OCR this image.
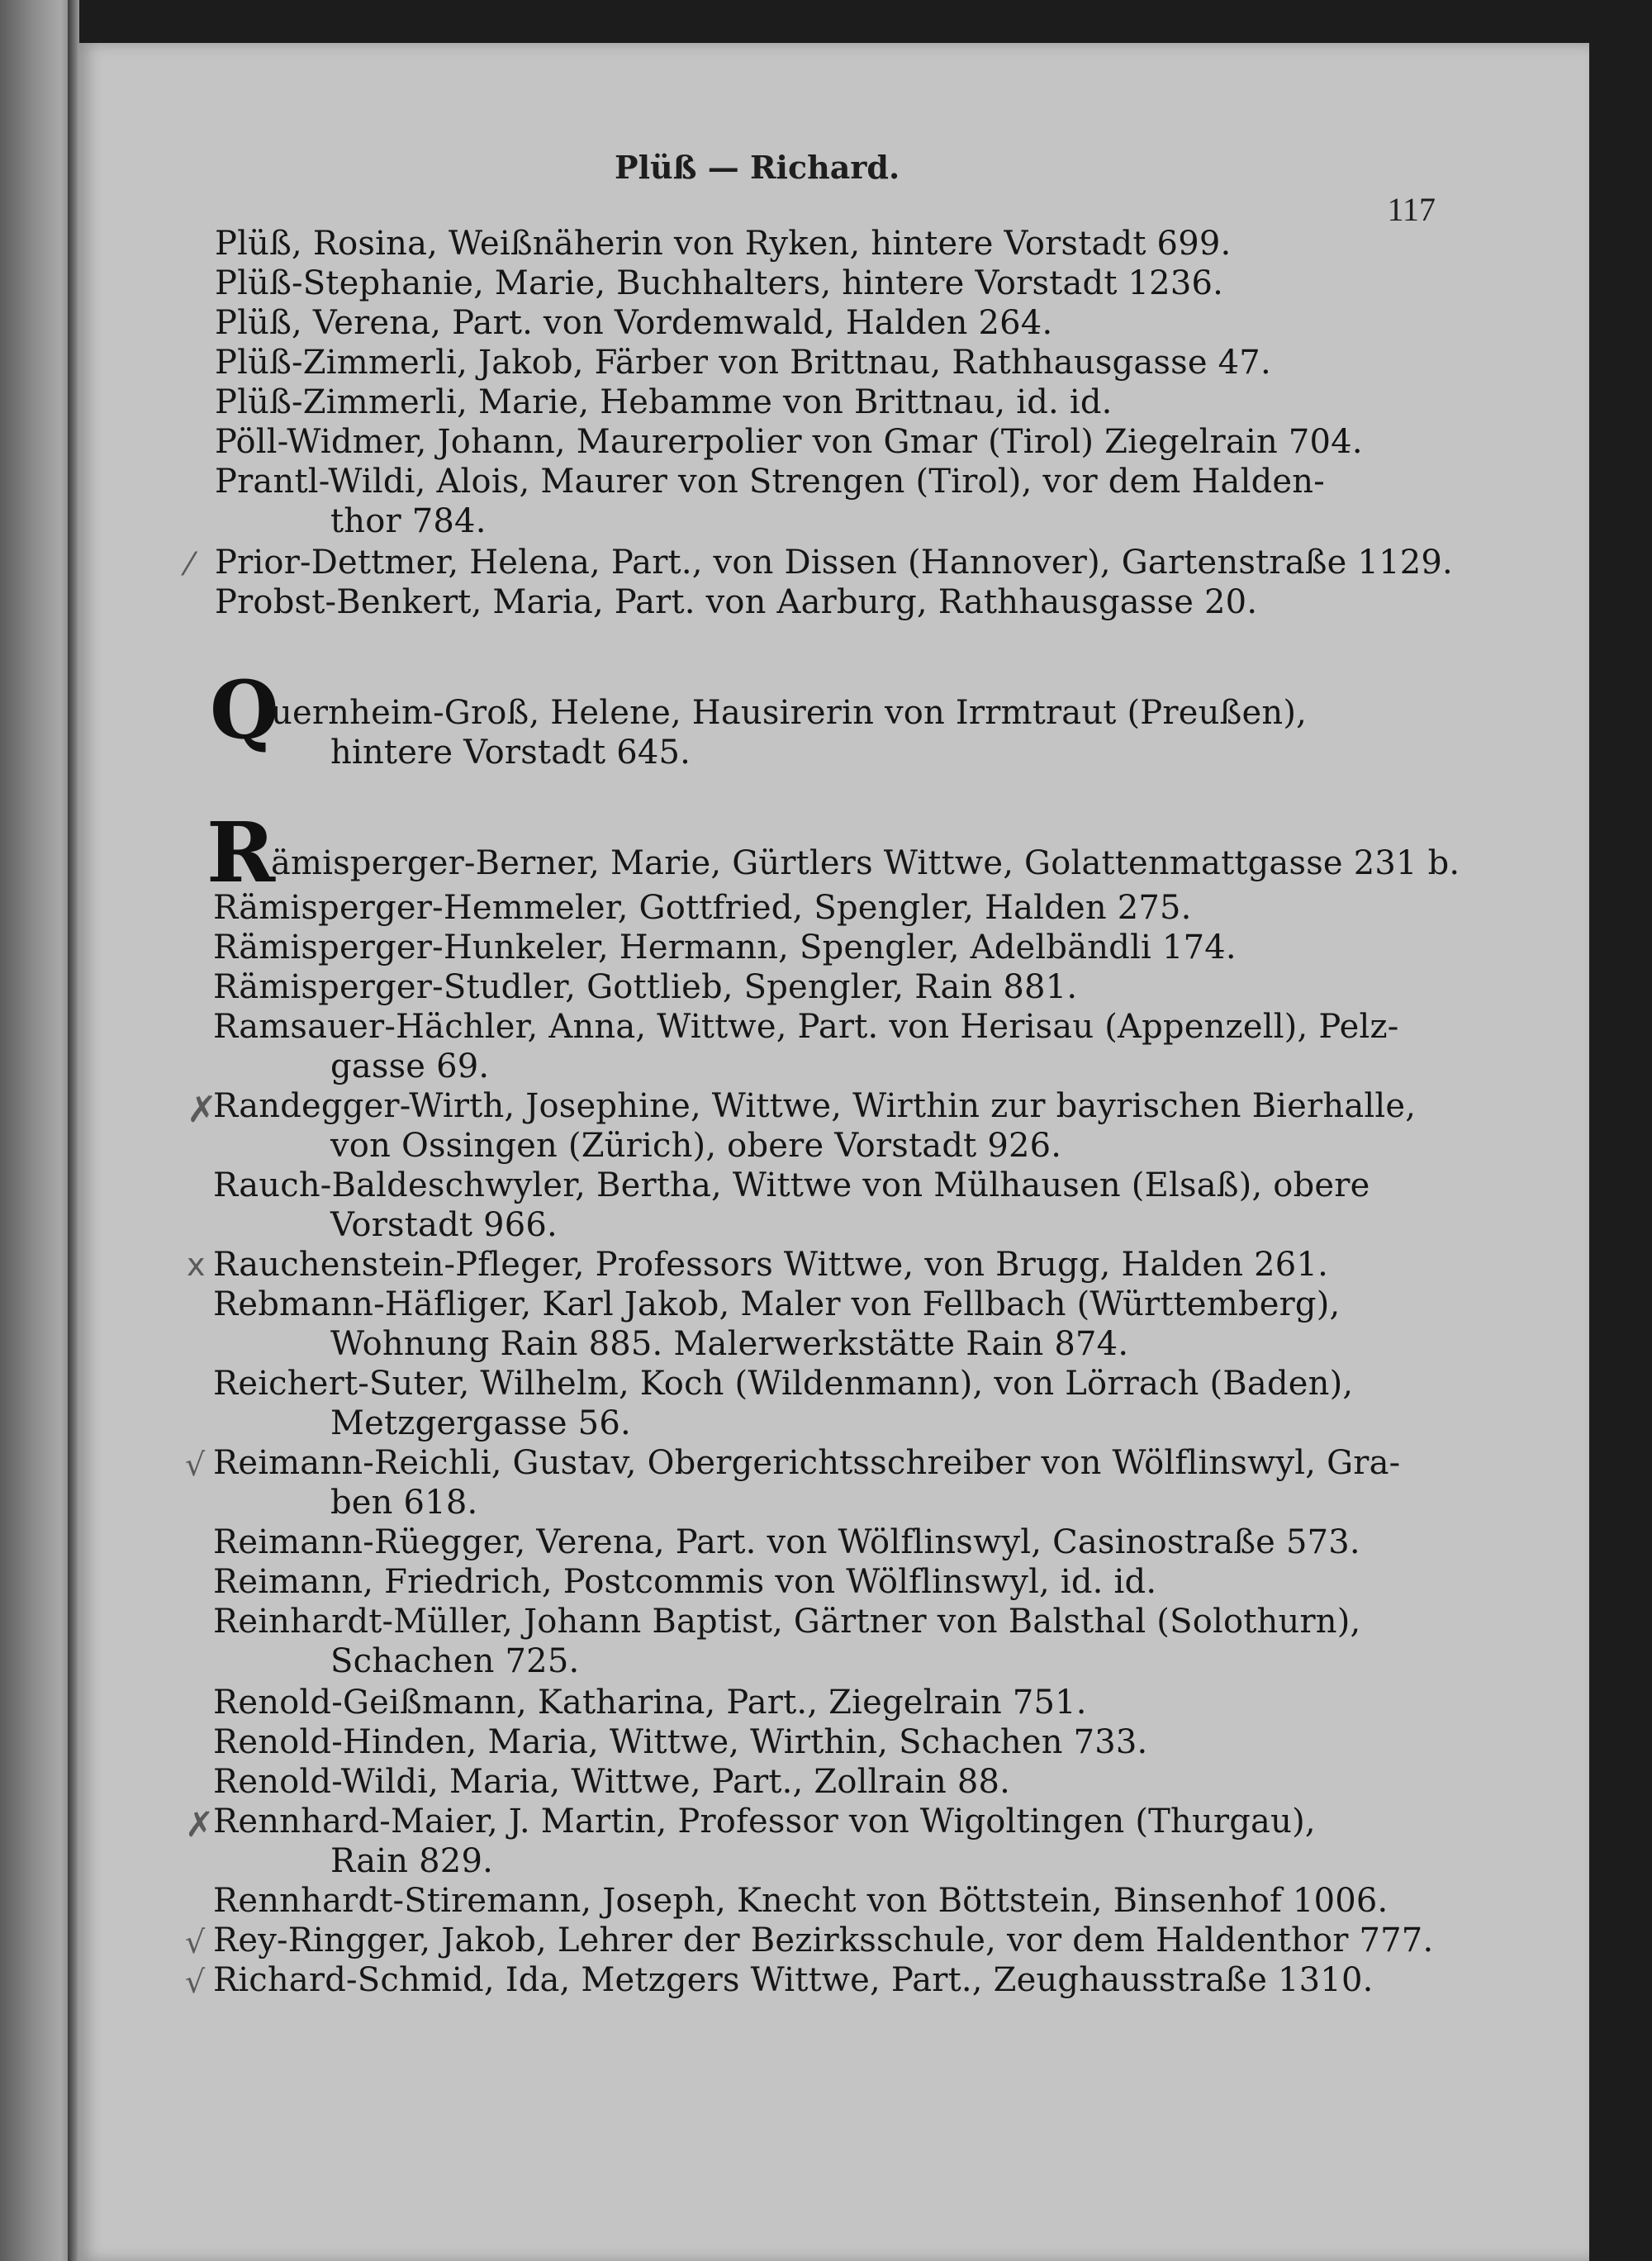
Plüß — Richard.
117
Plüß, Rosina, Weißnäherin von Ryken, hintere Vorstadt 699.
Plüß-Stephanie, Marie, Buchhalters, hintere Vorstadt 1236.
Plüß, Verena, Part. von Vordemwald, Halden 264.
Plüß-Zimmerli, Jakob, Färber von Brittnau, Rathhausgasse 47.
Plüß-Zimmerli, Marie, Hebamme von Brittnau, id. id.
Pöll-Widmer, Johann, Maurerpolier von Gmar (Tirol) Ziegelrain 704.
Prantl-Wildi, Alois, Maurer von Strengen (Tirol), vor dem Halden-
thor 784.
⁄ Prior-Dettmer, Helena, Part., von Dissen (Hannover), Gartenstraße 1129.
Probst-Benkert, Maria, Part. von Aarburg, Rathhausgasse 20.
Q
uernheim-Groß, Helene, Hausirerin von Irrmtraut (Preußen),
hintere Vorstadt 645.
R
ämisperger-Berner, Marie, Gürtlers Wittwe, Golattenmattgasse 231 b.
Rämisperger-Hemmeler, Gottfried, Spengler, Halden 275.
Rämisperger-Hunkeler, Hermann, Spengler, Adelbändli 174.
Rämisperger-Studler, Gottlieb, Spengler, Rain 881.
Ramsauer-Hächler, Anna, Wittwe, Part. von Herisau (Appenzell), Pelz-
gasse 69.
✗
Randegger-Wirth, Josephine, Wittwe, Wirthin zur bayrischen Bierhalle,
von Ossingen (Zürich), obere Vorstadt 926.
Rauch-Baldeschwyler, Bertha, Wittwe von Mülhausen (Elsaß), obere
Vorstadt 966.
x Rauchenstein-Pfleger, Professors Wittwe, von Brugg, Halden 261.
Rebmann-Häfliger, Karl Jakob, Maler von Fellbach (Württemberg),
Wohnung Rain 885. Malerwerkstätte Rain 874.
Reichert-Suter, Wilhelm, Koch (Wildenmann), von Lörrach (Baden),
Metzgergasse 56.
√ Reimann-Reichli, Gustav, Obergerichtsschreiber von Wölflinswyl, Gra-
ben 618.
Reimann-Rüegger, Verena, Part. von Wölflinswyl, Casinostraße 573.
Reimann, Friedrich, Postcommis von Wölflinswyl, id. id.
Reinhardt-Müller, Johann Baptist, Gärtner von Balsthal (Solothurn),
Schachen 725.
Renold-Geißmann, Katharina, Part., Ziegelrain 751.
Renold-Hinden, Maria, Wittwe, Wirthin, Schachen 733.
Renold-Wildi, Maria, Wittwe, Part., Zollrain 88.
✗
Rennhard-Maier, J. Martin, Professor von Wigoltingen (Thurgau),
Rain 829.
Rennhardt-Stiremann, Joseph, Knecht von Böttstein, Binsenhof 1006.
√ Rey-Ringger, Jakob, Lehrer der Bezirksschule, vor dem Haldenthor 777.
√ Richard-Schmid, Ida, Metzgers Wittwe, Part., Zeughausstraße 1310.
